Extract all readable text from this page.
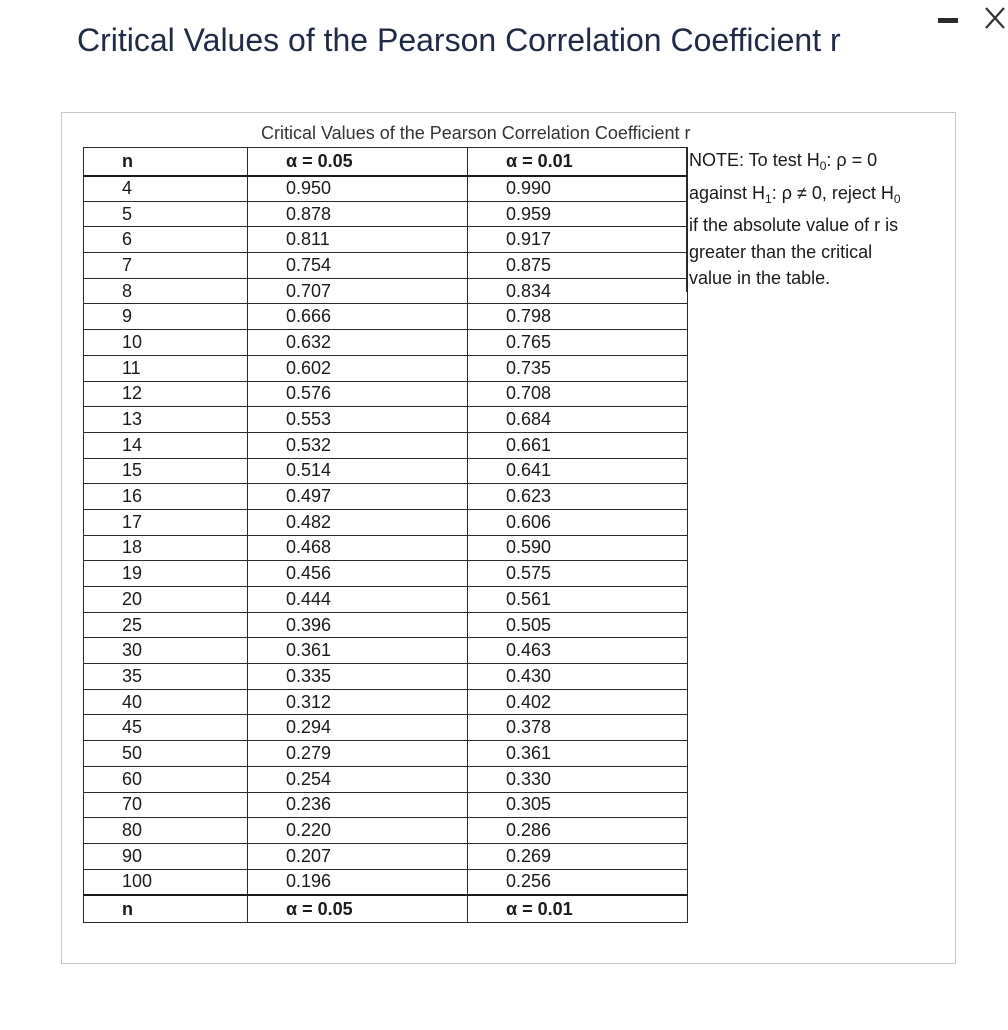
Critical Values of the Pearson Correlation Coefficient r
Critical Values of the Pearson Correlation Coefficient r
n	α = 0.05	α = 0.01
4	0.950	0.990
5	0.878	0.959
6	0.811	0.917
7	0.754	0.875
8	0.707	0.834
9	0.666	0.798
10	0.632	0.765
11	0.602	0.735
12	0.576	0.708
13	0.553	0.684
14	0.532	0.661
15	0.514	0.641
16	0.497	0.623
17	0.482	0.606
18	0.468	0.590
19	0.456	0.575
20	0.444	0.561
25	0.396	0.505
30	0.361	0.463
35	0.335	0.430
40	0.312	0.402
45	0.294	0.378
50	0.279	0.361
60	0.254	0.330
70	0.236	0.305
80	0.220	0.286
90	0.207	0.269
100	0.196	0.256
n	α = 0.05	α = 0.01

NOTE: To test $H_0$: ρ = 0

against $H_1$: ρ ≠ 0, reject $H_0$

if the absolute value of r is

greater than the critical

value in the table.
